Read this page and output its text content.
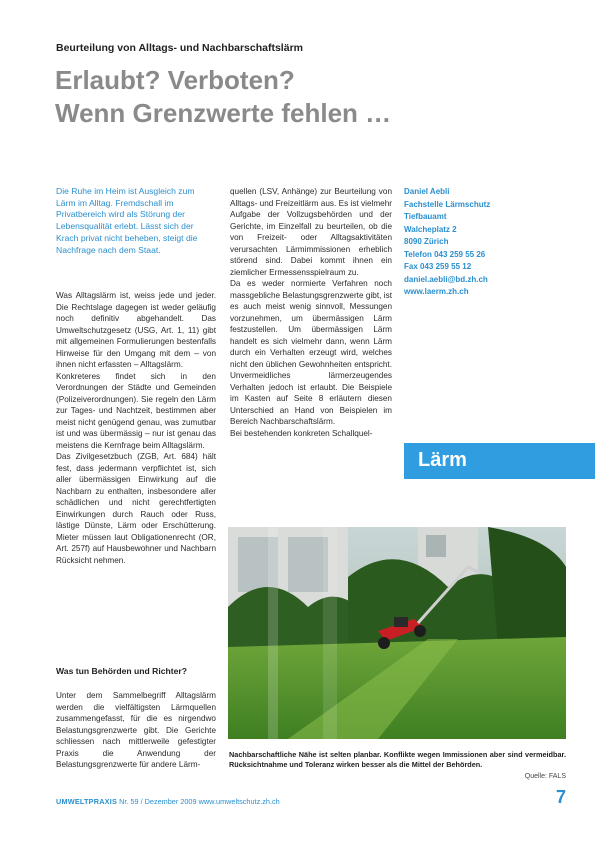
Beurteilung von Alltags- und Nachbarschaftslärm
Erlaubt? Verboten?
Wenn Grenzwerte fehlen …
Die Ruhe im Heim ist Ausgleich zum Lärm im Alltag. Fremdschall im Privatbereich wird als Störung der Lebensqualität erlebt. Lässt sich der Krach privat nicht beheben, steigt die Nachfrage nach dem Staat.

Was Alltagslärm ist, weiss jede und jeder. Die Rechtslage dagegen ist weder geläufig noch definitiv abgehandelt. Das Umweltschutzgesetz (USG, Art. 1, 11) gibt mit allgemeinen Formulierungen bestenfalls Hinweise für den Umgang mit dem – von ihnen nicht erfassten – Alltagslärm.

Konkreteres findet sich in den Verordnungen der Städte und Gemeinden (Polizeiverordnungen). Sie regeln den Lärm zur Tages- und Nachtzeit, bestimmen aber meist nicht genügend genau, was zumutbar ist und was übermässig – nur ist genau das meistens die Kernfrage beim Alltagslärm.

Das Zivilgesetzbuch (ZGB, Art. 684) hält fest, dass jedermann verpflichtet ist, sich aller übermässigen Einwirkung auf die Nachbarn zu enthalten, insbesondere aller schädlichen und nicht gerechtfertigten Einwirkungen durch Rauch oder Russ, lästige Dünste, Lärm oder Erschütterung. Mieter müssen laut Obligationenrecht (OR, Art. 257f) auf Hausbewohner und Nachbarn Rücksicht nehmen.

Was tun Behörden und Richter?

Unter dem Sammelbegriff Alltagslärm werden die vielfältigsten Lärmquellen zusammengefasst, für die es nirgendwo Belastungsgrenzwerte gibt. Die Gerichte schliessen nach mittlerweile gefestigter Praxis die Anwendung der Belastungsgrenzwerte für andere Lärm-

quellen (LSV, Anhänge) zur Beurteilung von Alltags- und Freizeitlärm aus. Es ist vielmehr Aufgabe der Vollzugsbehörden und der Gerichte, im Einzelfall zu beurteilen, ob die von Freizeit- oder Alltagsaktivitäten verursachten Lärmimmissionen erheblich störend sind. Dabei kommt ihnen ein ziemlicher Ermessensspielraum zu.

Da es weder normierte Verfahren noch massgebliche Belastungsgrenzwerte gibt, ist es auch meist wenig sinnvoll, Messungen vorzunehmen, um übermässigen Lärm festzustellen. Um übermässigen Lärm handelt es sich vielmehr dann, wenn Lärm durch ein Verhalten erzeugt wird, welches nicht den üblichen Gewohnheiten entspricht. Unvermeidliches lärmerzeugendes Verhalten jedoch ist erlaubt. Die Beispiele im Kasten auf Seite 8 erläutern diesen Unterschied an Hand von Beispielen im Bereich Nachbarschaftslärm.

Bei bestehenden konkreten Schallquel-

Daniel Aebli
Fachstelle Lärmschutz
Tiefbauamt
Walcheplatz 2
8090 Zürich
Telefon 043 259 55 26
Fax 043 259 55 12
daniel.aebli@bd.zh.ch
www.laerm.zh.ch
Lärm
Nachbarschaftliche Nähe ist selten planbar. Konflikte wegen Immissionen aber sind vermeidbar. Rücksichtnahme und Toleranz wirken besser als die Mittel der Behörden.
Quelle: FALS
UMWELTPRAXIS Nr. 59 / Dezember 2009 www.umweltschutz.zh.ch	7
